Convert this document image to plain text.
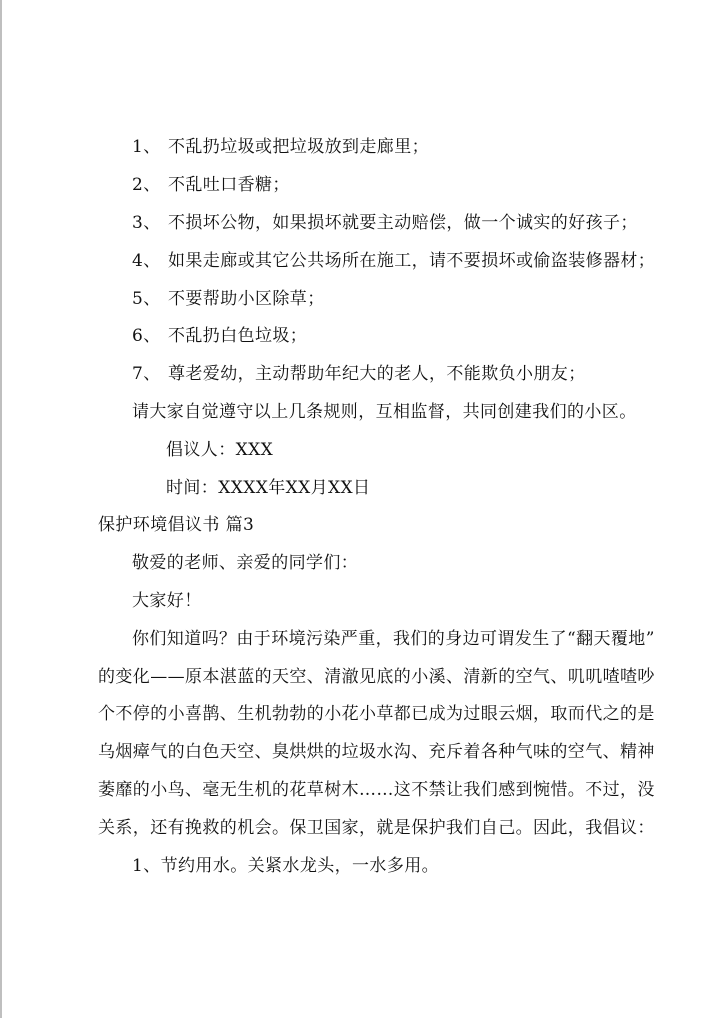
1、 不乱扔垃圾或把垃圾放到走廊里；
2、 不乱吐口香糖；
3、 不损坏公物，如果损坏就要主动赔偿，做一个诚实的好孩子；
4、 如果走廊或其它公共场所在施工，请不要损坏或偷盗装修器材；
5、 不要帮助小区除草；
6、 不乱扔白色垃圾；
7、 尊老爱幼，主动帮助年纪大的老人，不能欺负小朋友；
请大家自觉遵守以上几条规则，互相监督，共同创建我们的小区。
倡议人：XXX
时间：XXXX年XX月XX日
保护环境倡议书 篇3
敬爱的老师、亲爱的同学们：
大家好！
你们知道吗？由于环境污染严重，我们的身边可谓发生了“翻天覆地”
的变化——原本湛蓝的天空、清澈见底的小溪、清新的空气、叽叽喳喳吵
个不停的小喜鹊、生机勃勃的小花小草都已成为过眼云烟，取而代之的是
乌烟瘴气的白色天空、臭烘烘的垃圾水沟、充斥着各种气味的空气、精神
萎靡的小鸟、毫无生机的花草树木……这不禁让我们感到惋惜。不过，没
关系，还有挽救的机会。保卫国家，就是保护我们自己。因此，我倡议：
1、节约用水。关紧水龙头，一水多用。
